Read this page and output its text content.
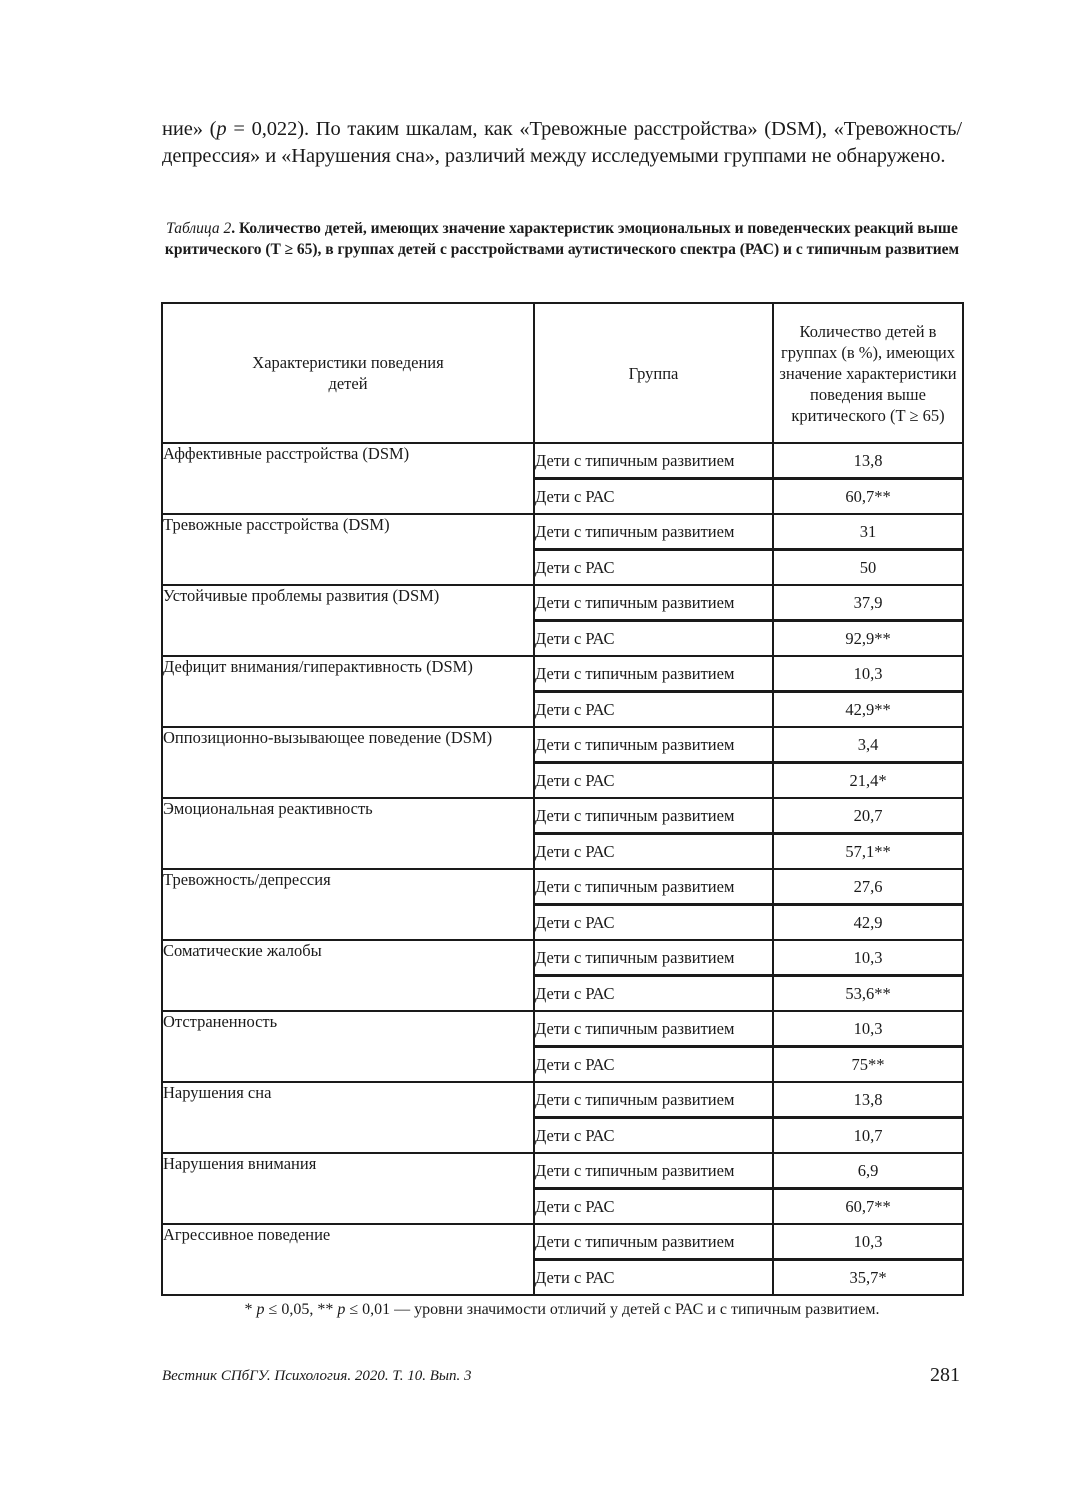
ние» (p = 0,022). По таким шкалам, как «Тревожные расстройства» (DSM), «Тревожность/депрессия» и «Нарушения сна», различий между исследуемыми группами не обнаружено.
Таблица 2. Количество детей, имеющих значение характеристик эмоциональных и поведенческих реакций выше критического (T ≥ 65), в группах детей с расстройствами аутистического спектра (РАС) и с типичным развитием
Характеристики поведения детей	Группа	Количество детей в группах (в %), имеющих значение характеристики поведения выше критического (T ≥ 65)

Аффективные расстройства (DSM)	Дети с типичным развитием	13,8
	Дети с РАС	60,7**
Тревожные расстройства (DSM)	Дети с типичным развитием	31
	Дети с РАС	50
Устойчивые проблемы развития (DSM)	Дети с типичным развитием	37,9
	Дети с РАС	92,9**
Дефицит внимания/гиперактивность (DSM)	Дети с типичным развитием	10,3
	Дети с РАС	42,9**
Оппозиционно-вызывающее поведение (DSM)	Дети с типичным развитием	3,4
	Дети с РАС	21,4*
Эмоциональная реактивность	Дети с типичным развитием	20,7
	Дети с РАС	57,1**
Тревожность/депрессия	Дети с типичным развитием	27,6
	Дети с РАС	42,9
Соматические жалобы	Дети с типичным развитием	10,3
	Дети с РАС	53,6**
Отстраненность	Дети с типичным развитием	10,3
	Дети с РАС	75**
Нарушения сна	Дети с типичным развитием	13,8
	Дети с РАС	10,7
Нарушения внимания	Дети с типичным развитием	6,9
	Дети с РАС	60,7**
Агрессивное поведение	Дети с типичным развитием	10,3
	Дети с РАС	35,7*
* p ≤ 0,05, ** p ≤ 0,01 — уровни значимости отличий у детей с РАС и с типичным развитием.
Вестник СПбГУ. Психология. 2020. Т. 10. Вып. 3	281
